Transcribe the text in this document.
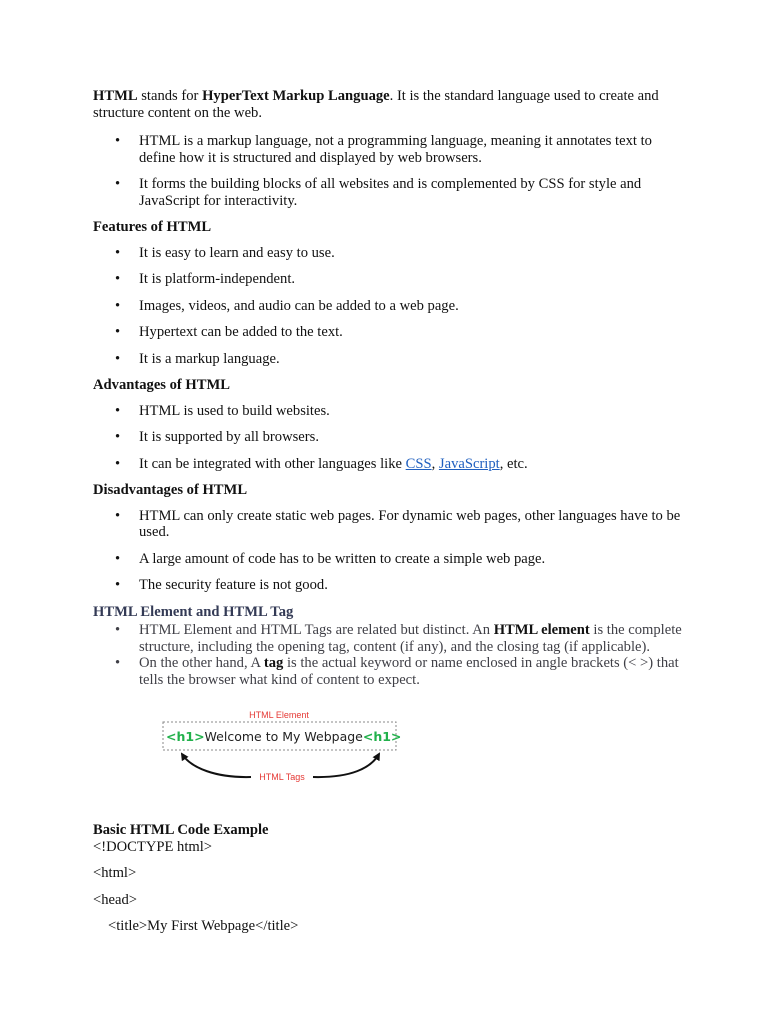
HTML stands for HyperText Markup Language. It is the standard language used to create and structure content on the web.

• HTML is a markup language, not a programming language, meaning it annotates text to define how it is structured and displayed by web browsers.
• It forms the building blocks of all websites and is complemented by CSS for style and JavaScript for interactivity.
Features of HTML
• It is easy to learn and easy to use.
• It is platform-independent.
• Images, videos, and audio can be added to a web page.
• Hypertext can be added to the text.
• It is a markup language.
Advantages of HTML
• HTML is used to build websites.
• It is supported by all browsers.
• It can be integrated with other languages like CSS, JavaScript, etc.
Disadvantages of HTML
• HTML can only create static web pages. For dynamic web pages, other languages have to be used.
• A large amount of code has to be written to create a simple web page.
• The security feature is not good.
HTML Element and HTML Tag
• HTML Element and HTML Tags are related but distinct. An HTML element is the complete structure, including the opening tag, content (if any), and the closing tag (if applicable).
• On the other hand, A tag is the actual keyword or name enclosed in angle brackets (< >) that tells the browser what kind of content to expect.
HTML Element
<h1>Welcome to My Webpage<h1>
HTML Tags
Basic HTML Code Example

<!DOCTYPE html>

<html>

<head>

<title>My First Webpage</title>
